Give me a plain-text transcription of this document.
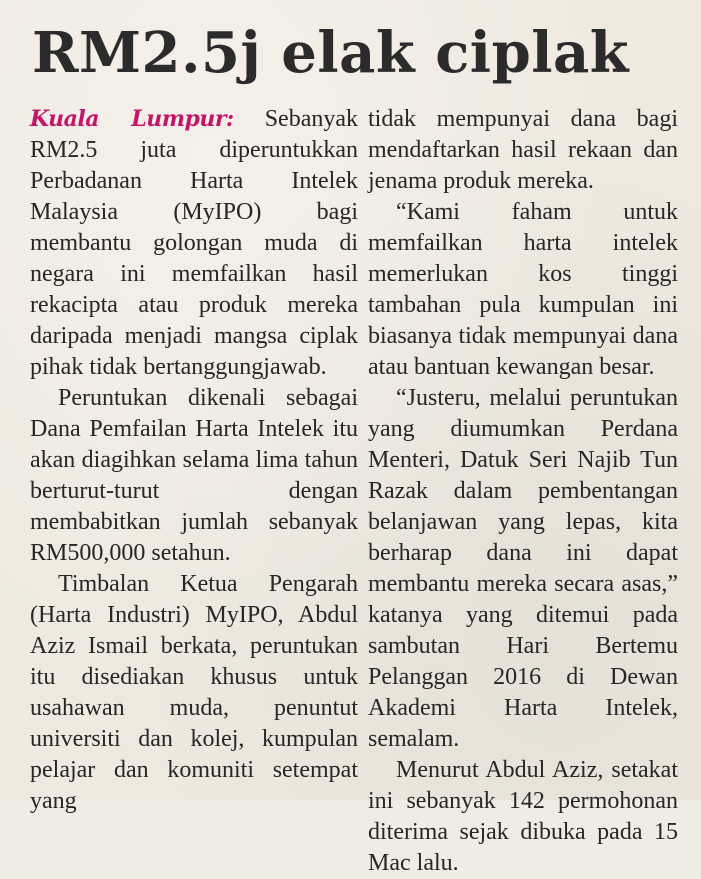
RM2.5j elak ciplak

Kuala Lumpur: Sebanyak RM2.5 juta diperuntukkan Perbadanan Harta Intelek Malaysia (MyIPO) bagi membantu golongan muda di negara ini memfailkan hasil rekacipta atau produk mereka daripada menjadi mangsa ciplak pihak tidak bertanggungjawab.

Peruntukan dikenali sebagai Dana Pemfailan Harta Intelek itu akan diagihkan selama lima tahun berturut-turut dengan membabitkan jumlah sebanyak RM500,000 setahun.

Timbalan Ketua Pengarah (Harta Industri) MyIPO, Abdul Aziz Ismail berkata, peruntukan itu disediakan khusus untuk usahawan muda, penuntut universiti dan kolej, kumpulan pelajar dan komuniti setempat yang

tidak mempunyai dana bagi mendaftarkan hasil rekaan dan jenama produk mereka.

“Kami faham untuk memfailkan harta intelek memerlukan kos tinggi tambahan pula kumpulan ini biasanya tidak mempunyai dana atau bantuan kewangan besar.

“Justeru, melalui peruntukan yang diumumkan Perdana Menteri, Datuk Seri Najib Tun Razak dalam pembentangan belanjawan yang lepas, kita berharap dana ini dapat membantu mereka secara asas,” katanya yang ditemui pada sambutan Hari Bertemu Pelanggan 2016 di Dewan Akademi Harta Intelek, semalam.

Menurut Abdul Aziz, setakat ini sebanyak 142 permohonan diterima sejak dibuka pada 15 Mac lalu.
